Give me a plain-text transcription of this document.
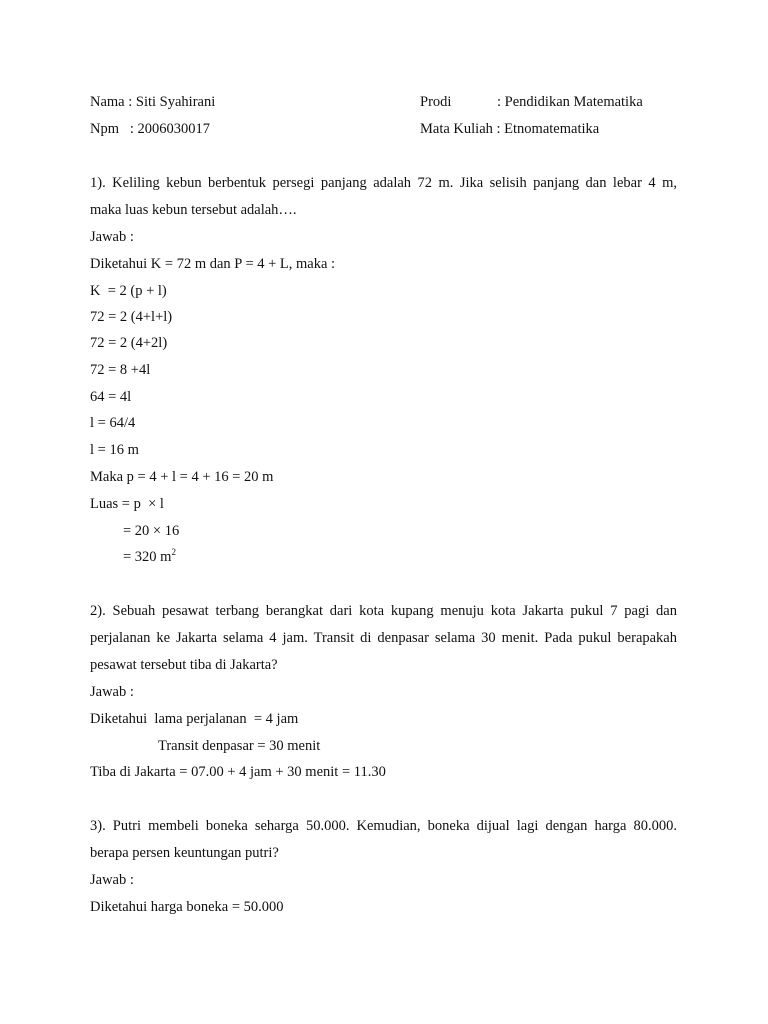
Nama : Siti Syahirani	Prodi	: Pendidikan Matematika
Npm   : 2006030017	Mata Kuliah : Etnomatematika
1). Keliling kebun berbentuk persegi panjang adalah 72 m. Jika selisih panjang dan lebar 4 m,
maka luas kebun tersebut adalah….
Jawab :
Diketahui K = 72 m dan P = 4 + L, maka :
K  = 2 (p + l)
72 = 2 (4+l+l)
72 = 2 (4+2l)
72 = 8 +4l
64 = 4l
l = 64/4
l = 16 m
Maka p = 4 + l = 4 + 16 = 20 m
Luas = p  × l
= 20 × 16
= 320 $m^2$
2). Sebuah pesawat terbang berangkat dari kota kupang menuju kota Jakarta pukul 7 pagi dan
perjalanan ke Jakarta selama 4 jam. Transit di denpasar selama 30 menit. Pada pukul berapakah
pesawat tersebut tiba di Jakarta?
Jawab :
Diketahui  lama perjalanan  = 4 jam
Transit denpasar = 30 menit
Tiba di Jakarta = 07.00 + 4 jam + 30 menit = 11.30
3). Putri membeli boneka seharga 50.000. Kemudian, boneka dijual lagi dengan harga 80.000.
berapa persen keuntungan putri?
Jawab :
Diketahui harga boneka = 50.000
